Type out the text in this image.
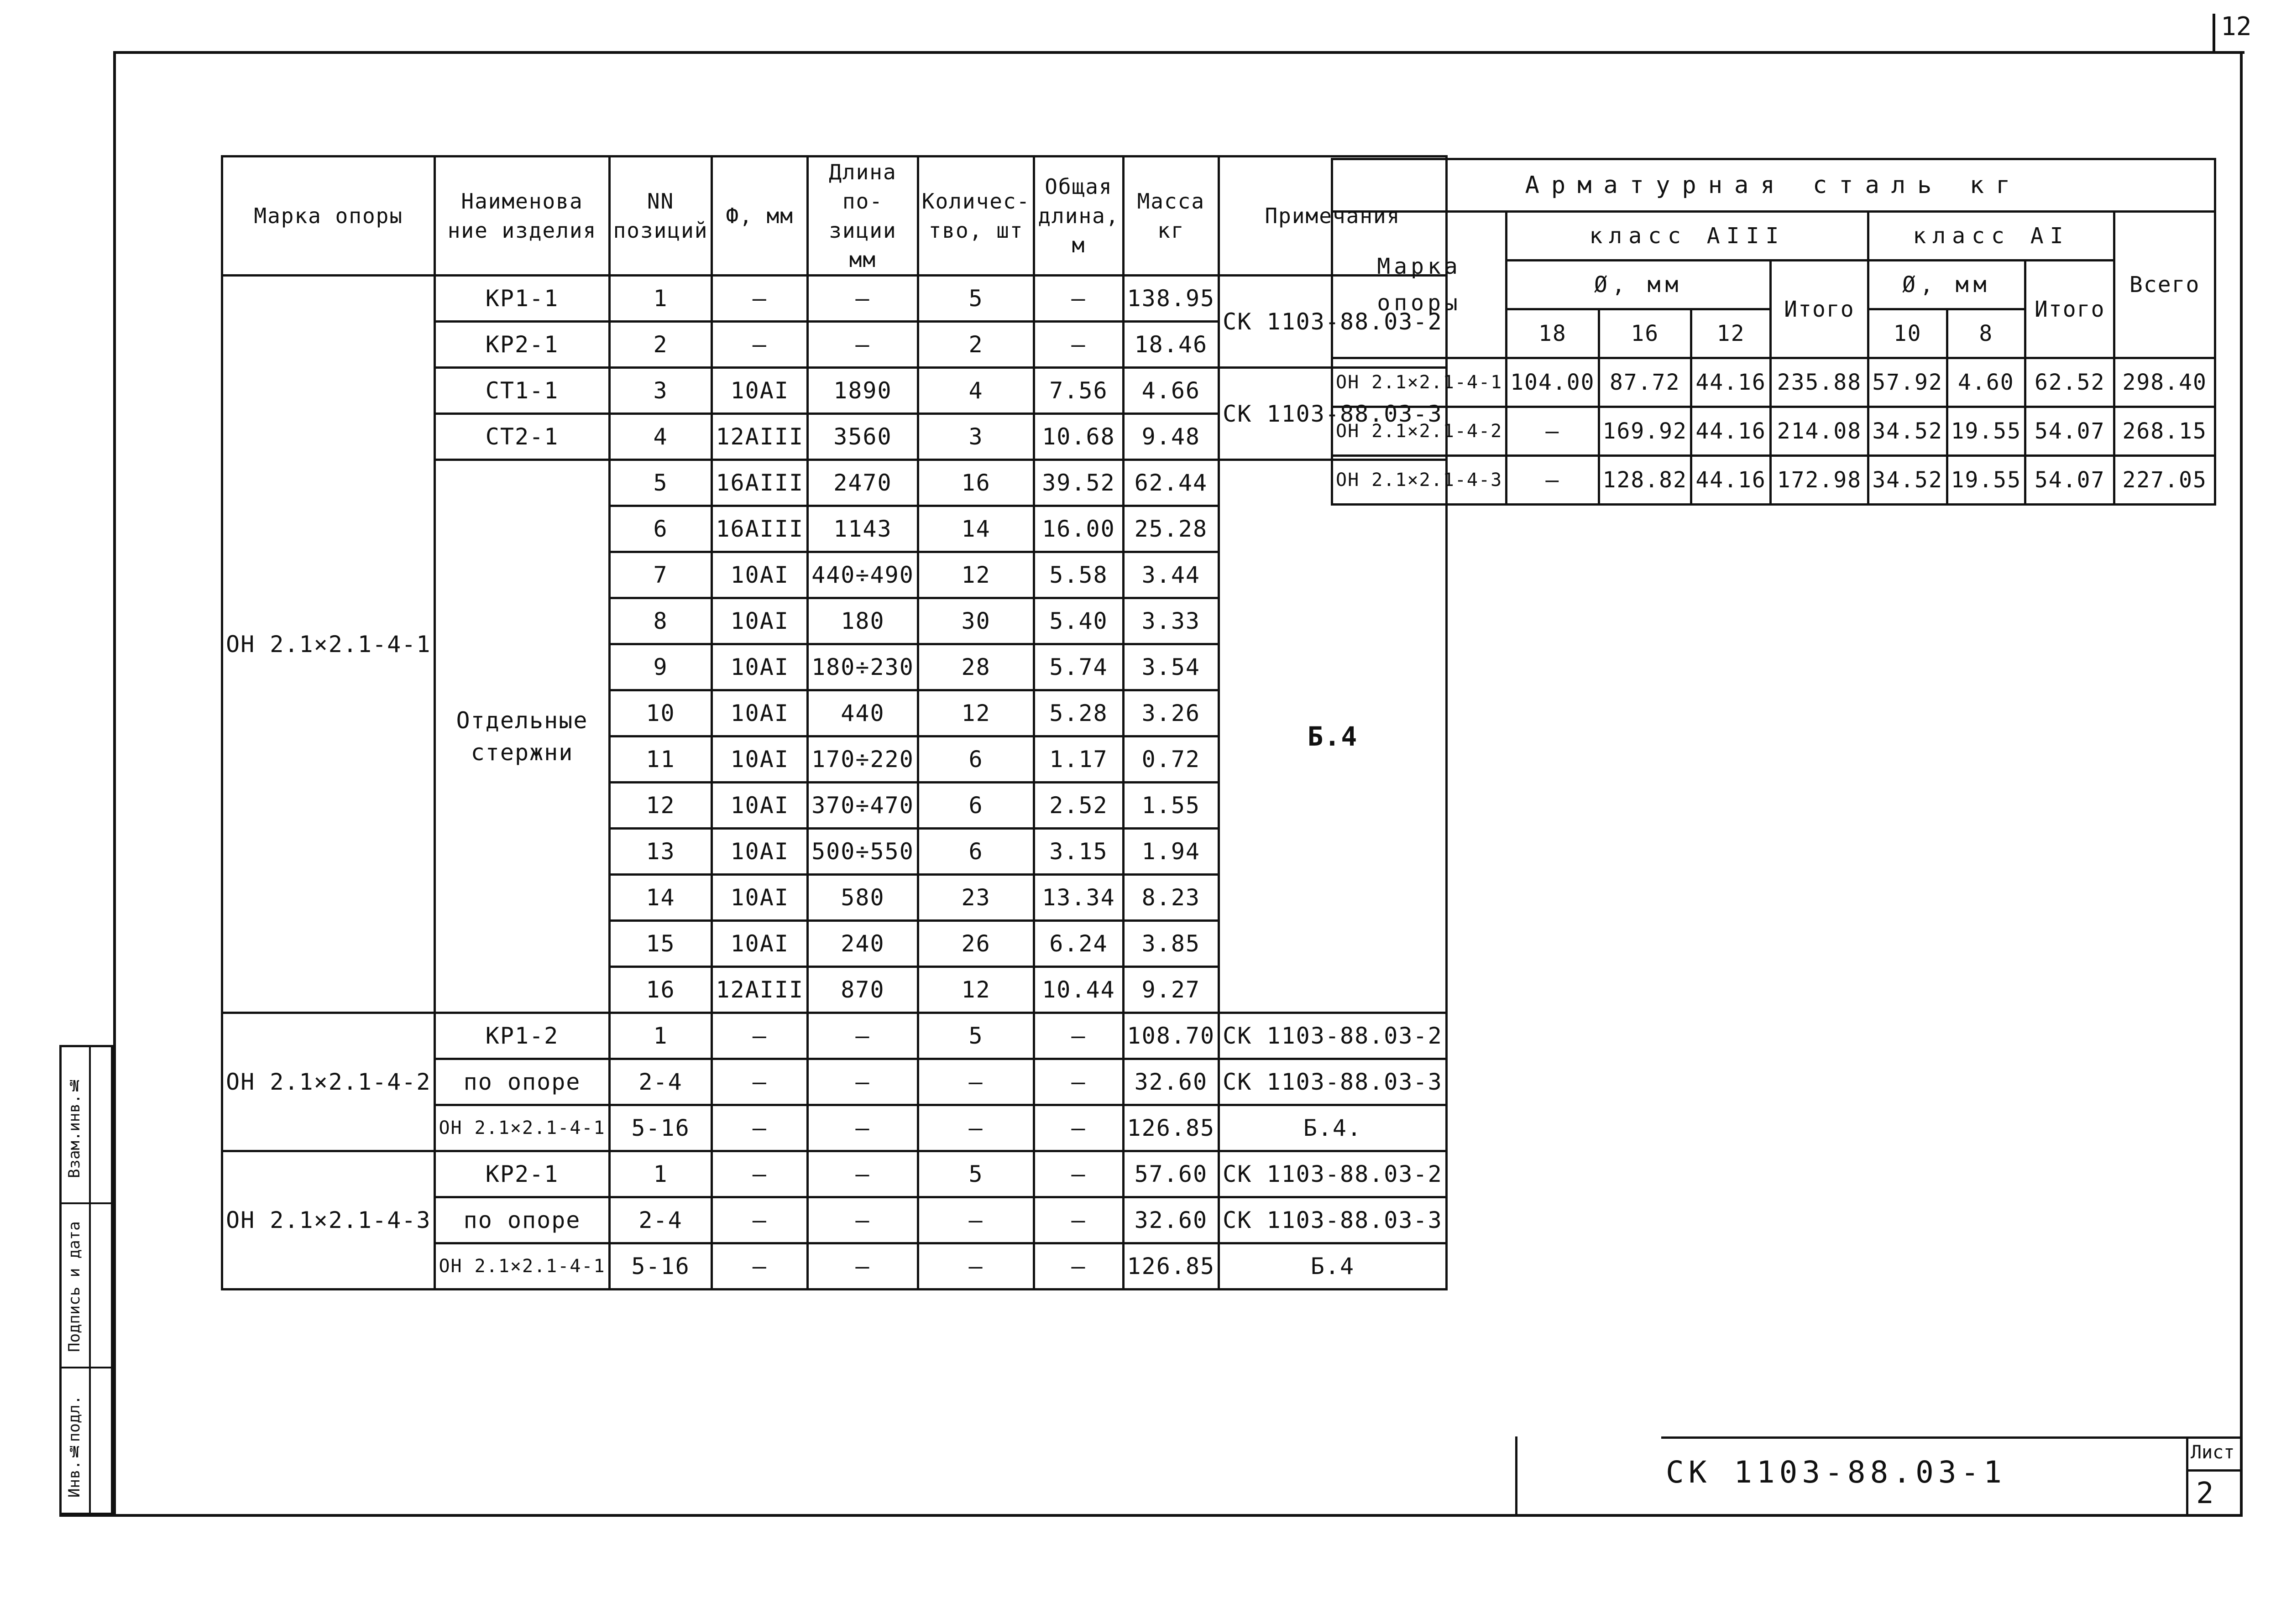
12
Инв.№подл.
Подпись и дата
Взам.инв.№
Марка опоры	Наименова ние изделия	NN позиций	Ф, мм	Длина по- зиции мм	Количес- тво, шт	Общая длина, м	Масса кг	Примечания
ОН 2.1×2.1-4-1	КР1-1	1	—	—	5	—	138.95	СК 1103-88.03-2
	КР2-1	2	—	—	2	—	18.46	
	СТ1-1	3	10АI	1890	4	7.56	4.66	СК 1103-88.03-3
	СТ2-1	4	12АIII	3560	3	10.68	9.48	
	Отдельные стержни	5	16АIII	2470	16	39.52	62.44	Б.4
		6	16АIII	1143	14	16.00	25.28	
		7	10АI	440÷490	12	5.58	3.44	
		8	10АI	180	30	5.40	3.33	
		9	10АI	180÷230	28	5.74	3.54	
		10	10АI	440	12	5.28	3.26	
		11	10АI	170÷220	6	1.17	0.72	
		12	10АI	370÷470	6	2.52	1.55	
		13	10АI	500÷550	6	3.15	1.94	
		14	10АI	580	23	13.34	8.23	
		15	10АI	240	26	6.24	3.85	
		16	12АIII	870	12	10.44	9.27	
ОН 2.1×2.1-4-2	КР1-2	1	—	—	5	—	108.70	СК 1103-88.03-2
	по опоре	2-4	—	—	—	—	32.60	СК 1103-88.03-3
	ОН 2.1×2.1-4-1	5-16	—	—	—	—	126.85	Б.4.
ОН 2.1×2.1-4-3	КР2-1	1	—	—	5	—	57.60	СК 1103-88.03-2
	по опоре	2-4	—	—	—	—	32.60	СК 1103-88.03-3
	ОН 2.1×2.1-4-1	5-16	—	—	—	—	126.85	Б.4
Арматурная сталь кг								
Марка опоры	класс АIII				класс АI			Всего
	Ø, мм			Итого	Ø, мм		Итого	
	18	16	12		10	8		
ОН 2.1×2.1-4-1	104.00	87.72	44.16	235.88	57.92	4.60	62.52	298.40
ОН 2.1×2.1-4-2	—	169.92	44.16	214.08	34.52	19.55	54.07	268.15
ОН 2.1×2.1-4-3	—	128.82	44.16	172.98	34.52	19.55	54.07	227.05
СК 1103-88.03-1
Лист
2
